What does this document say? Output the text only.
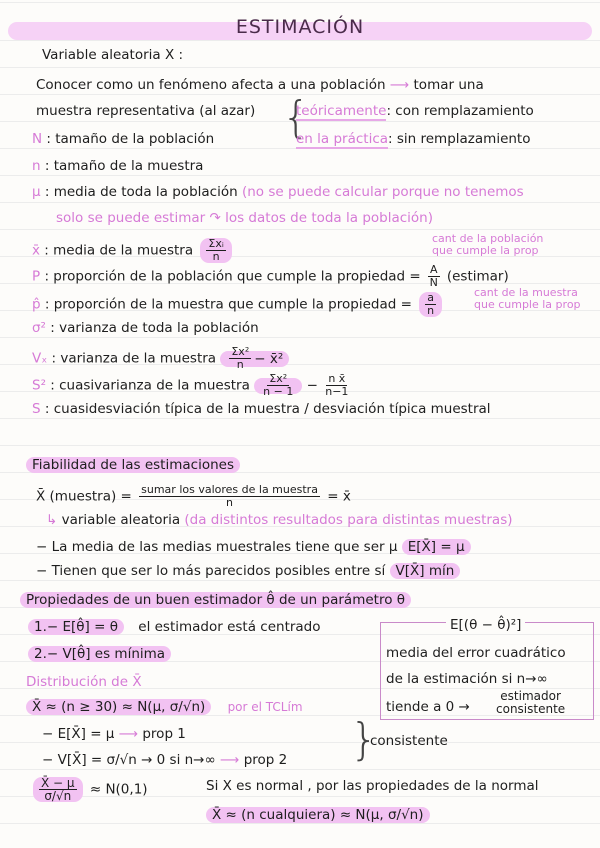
ESTIMACIÓN
Variable aleatoria X :
Conocer como un fenómeno afecta a una población ⟶ tomar una
muestra representativa (al azar) {
teóricamente: con remplazamiento
en la práctica: sin remplazamiento
N : tamaño de la población
n : tamaño de la muestra
μ : media de toda la población (no se puede calcular porque no tenemos
solo se puede estimar ↷ los datos de toda la población)
x̄ : media de la muestra $\frac{\text{Σxᵢ}}{n}$	cant de la población
que cumple la prop
P : proporción de la población que cumple la propiedad = $\frac{A}{N}$ (estimar)
p̂ : proporción de la muestra que cumple la propiedad = $\frac{a}{n}$	cant de la muestra
que cumple la prop
σ² : varianza de toda la población
Vₓ : varianza de la muestra $\frac{\text{Σx²}}{n}$ − x̄²
S² : cuasivarianza de la muestra $\frac{\text{Σx²}}{n - 1} - \frac{\text{n x̄}}{n-1}$
S : cuasidesviación típica de la muestra / desviación típica muestral
Fiabilidad de las estimaciones
X̄ (muestra) = $\frac{\text{sumar los valores de la muestra}}{n}$ = x̄
↳ variable aleatoria (da distintos resultados para distintas muestras)
− La media de las medias muestrales tiene que ser μ E[X̄] = μ
− Tienen que ser lo más parecidos posibles entre sí V[X̄] mín
Propiedades de un buen estimador θ̂ de un parámetro θ
1.− E[θ̂] = θ el estimador está centrado
2.− V[θ̂] es mínima
E[(θ − θ̂)²]
media del error cuadrático
de la estimación si n→∞
tiende a 0 →
estimador
consistente
Distribución de X̄
X̄ ≈ (n ≥ 30) ≈ N(μ, σ/√n) por el TCLím
− E[X̄] = μ ⟶ prop 1
− V[X̄] = σ/√n → 0 si n→∞ ⟶ prop 2 }
consistente
$\frac{X̄ - \mu}{\sigma/√n} \approx N(0,1)$	Si X es normal , por las propiedades de la normal
X̄ ≈ (n cualquiera) ≈ N(μ, σ/√n)
